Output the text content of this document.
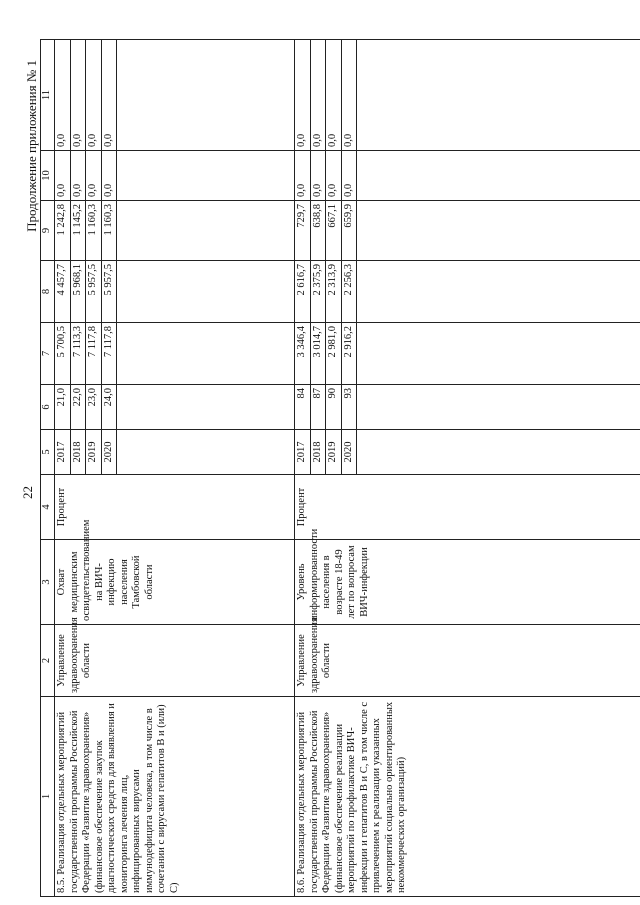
22
Продолжение приложения № 1
1	2	3	4	5	6	7	8	9	10	11
8.5. Реализация отдельных мероприятий государственной программы Российской Федерации «Развитие здравоохранения» (финансовое обеспечение закупок диагностических средств для выявления и мониторинга лечения лиц, инфицированных вирусами иммунодефицита человека, в том числе в сочетании с вирусами гепатитов В и (или) С)	Управление здравоохранения области	Охват медицинским освидетельствованием на ВИЧ-инфекцию населения Тамбовской области	Процент	2017	21,0	5 700,5	4 457,7	1 242,8	0,0	0,0
				2018	22,0	7 113,3	5 968,1	1 145,2	0,0	0,0
				2019	23,0	7 117,8	5 957,5	1 160,3	0,0	0,0
				2020	24,0	7 117,8	5 957,5	1 160,3	0,0	0,0

8.6. Реализация отдельных мероприятий государственной программы Российской Федерации «Развитие здравоохранения» (финансовое обеспечение реализации мероприятий по профилактике ВИЧ-инфекции и гепатитов В и С, в том числе с привлечением к реализации указанных мероприятий социально ориентированных некоммерческих организаций)	Управление здравоохранения области	Уровень информированности населения в возрасте 18-49 лет по вопросам ВИЧ-инфекции	Процент	2017	84	3 346,4	2 616,7	729,7	0,0	0,0
				2018	87	3 014,7	2 375,9	638,8	0,0	0,0
				2019	90	2 981,0	2 313,9	667,1	0,0	0,0
				2020	93	2 916,2	2 256,3	659,9	0,0	0,0
